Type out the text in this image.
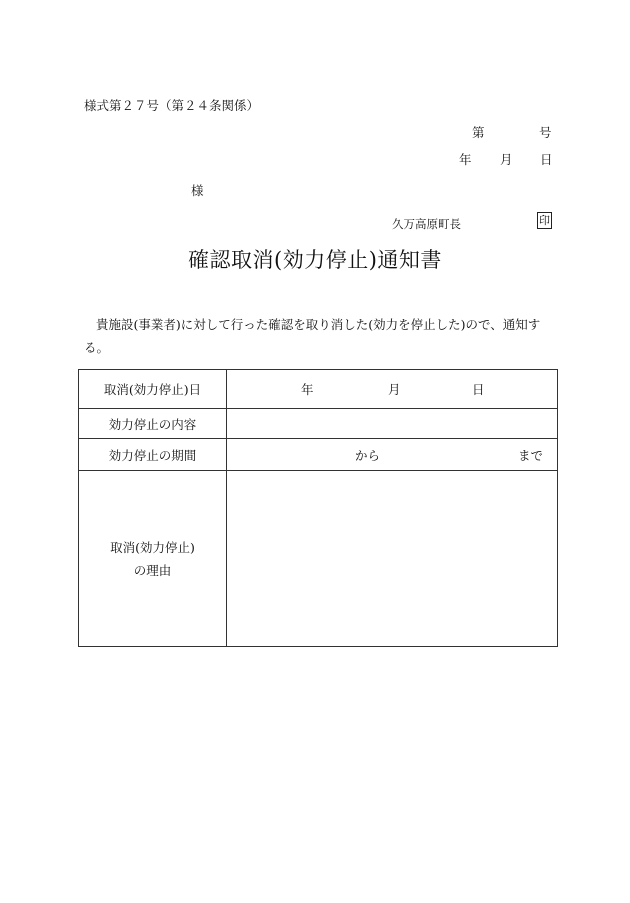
様式第２７号（第２４条関係）
第	号
年 月 日
様
久万高原町長	印
確認取消(効力停止)通知書
貴施設(事業者)に対して行った確認を取り消した(効力を停止した)ので、通知する。
取消(効力停止)日	年 月 日

効力停止の内容	
効力停止の期間	から まで

取消(効力停止)
の理由	
